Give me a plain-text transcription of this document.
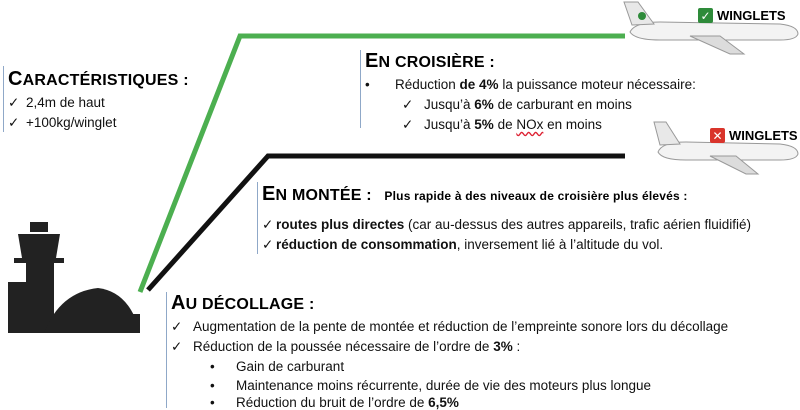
✓ WINGLETS
✕ WINGLETS
CARACTÉRISTIQUES :
✓ 2,4m de haut
✓ +100kg/winglet
EN CROISIÈRE :
• Réduction de 4% la puissance moteur nécessaire:
✓ Jusqu’à 6% de carburant en moins
✓ Jusqu’à 5% de NOx en moins
EN MONTÉE : Plus rapide à des niveaux de croisière plus élevés :
✓ routes plus directes (car au-dessus des autres appareils, trafic aérien fluidifié)
✓ réduction de consommation, inversement lié à l’altitude du vol.
AU DÉCOLLAGE :
✓ Augmentation de la pente de montée et réduction de l’empreinte sonore lors du décollage
✓ Réduction de la poussée nécessaire de l’ordre de 3% :
• Gain de carburant
• Maintenance moins récurrente, durée de vie des moteurs plus longue
• Réduction du bruit de l’ordre de 6,5%
